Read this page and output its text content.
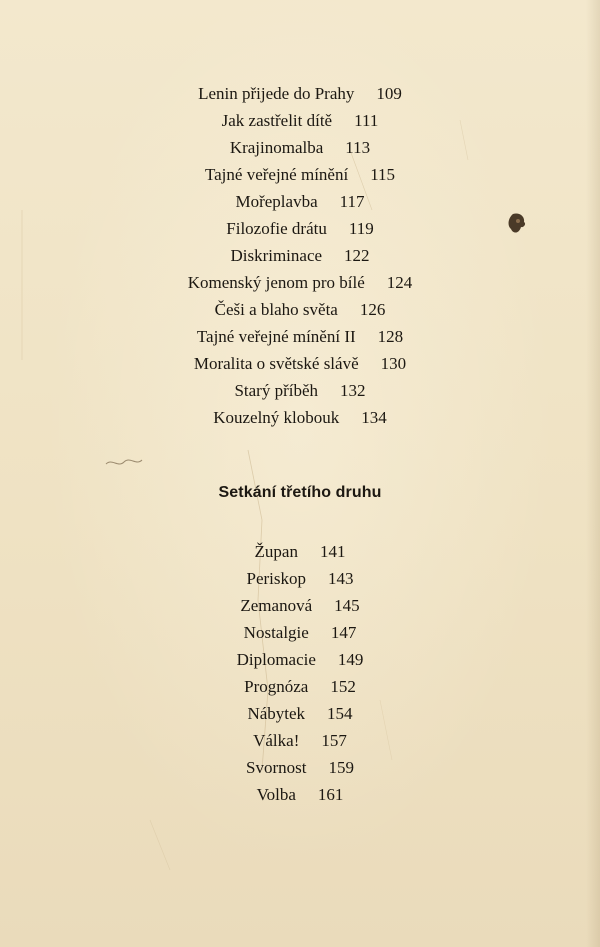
Lenin přijede do Prahy 109
Jak zastřelit dítě 111
Krajinomalba 113
Tajné veřejné mínění 115
Mořeplavba 117
Filozofie drátu 119
Diskriminace 122
Komenský jenom pro bílé 124
Češi a blaho světa 126
Tajné veřejné mínění II 128
Moralita o světské slávě 130
Starý příběh 132
Kouzelný klobouk 134
Setkání třetího druhu
Župan 141
Periskop 143
Zemanová 145
Nostalgie 147
Diplomacie 149
Prognóza 152
Nábytek 154
Válka! 157
Svornost 159
Volba 161
